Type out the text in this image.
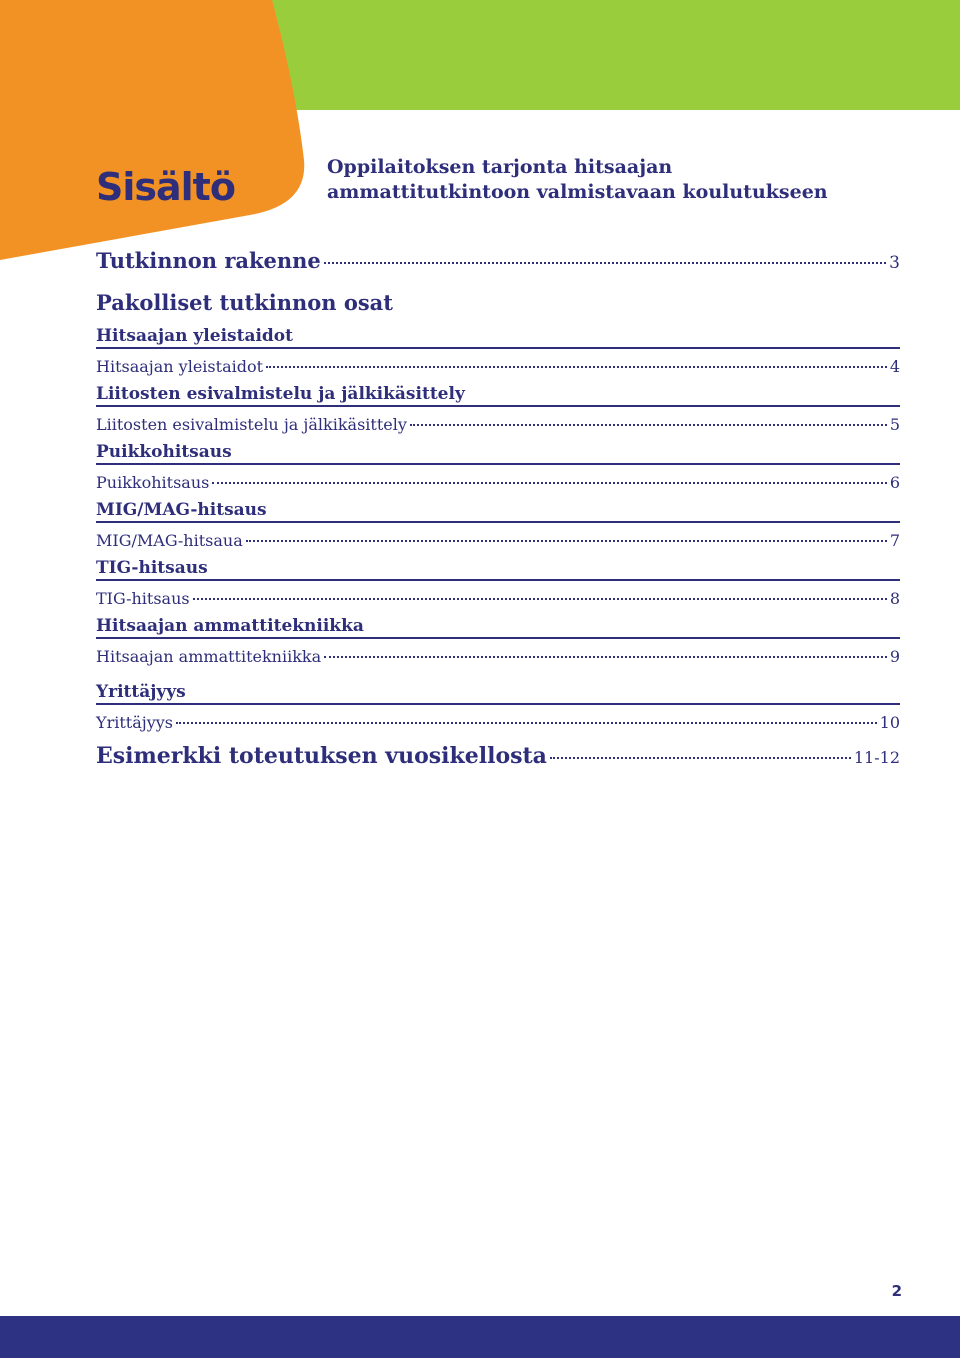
Sisältö	Oppilaitoksen tarjonta hitsaajan
ammattitutkintoon valmistavaan koulutukseen
Tutkinnon rakenne	3
Pakolliset tutkinnon osat
Hitsaajan yleistaidot
Hitsaajan yleistaidot	4
Liitosten esivalmistelu ja jälkikäsittely
Liitosten esivalmistelu ja jälkikäsittely	5
Puikkohitsaus
Puikkohitsaus	6
MIG/MAG-hitsaus
MIG/MAG-hitsaua	7
TIG-hitsaus
TIG-hitsaus	8
Hitsaajan ammattitekniikka
Hitsaajan ammattitekniikka	9
Yrittäjyys
Yrittäjyys	10
Esimerkki toteutuksen vuosikellosta	11-12
2
